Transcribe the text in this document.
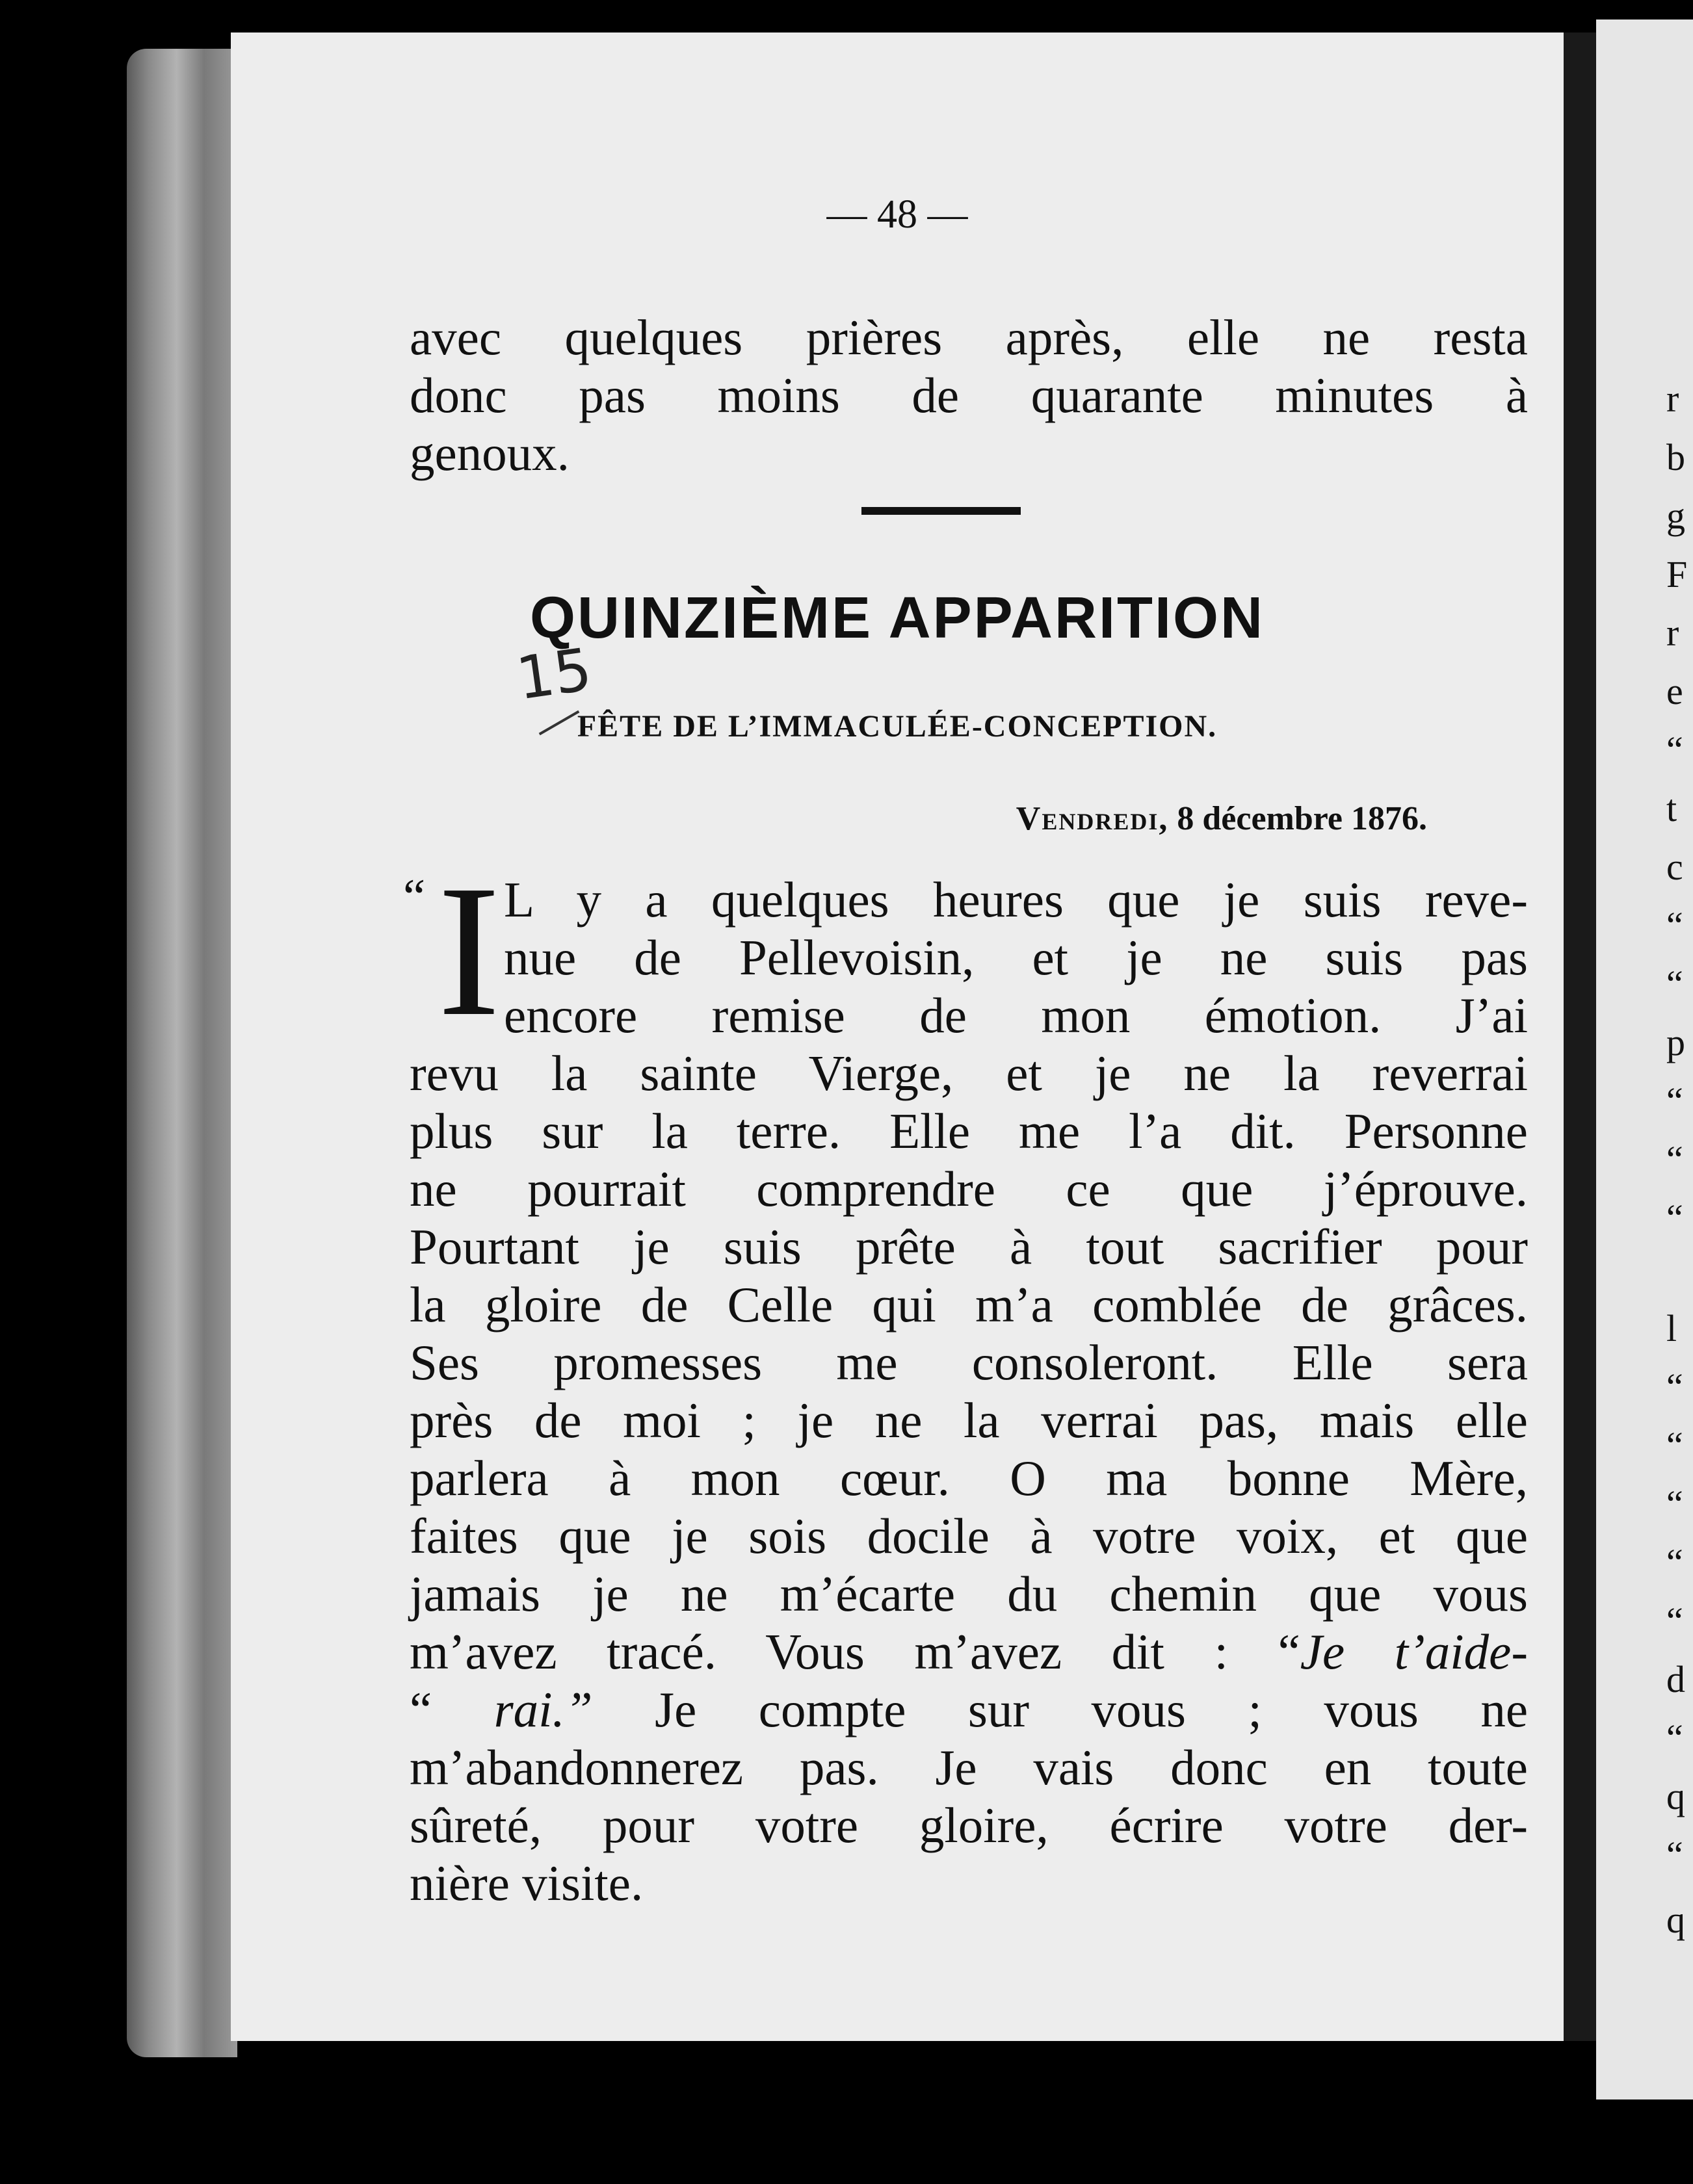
— 48 —
avec quelques prières après, elle ne resta
donc pas moins de quarante minutes à
genoux.
15
QUINZIÈME APPARITION
FÊTE DE L’IMMACULÉE-CONCEPTION.
Vendredi, 8 décembre 1876.
“ I L y a quelques heures que je suis reve-
nue de Pellevoisin, et je ne suis pas
encore remise de mon émotion. J’ai
revu la sainte Vierge, et je ne la reverrai
plus sur la terre. Elle me l’a dit. Personne
ne pourrait comprendre ce que j’éprouve.
Pourtant je suis prête à tout sacrifier pour
la gloire de Celle qui m’a comblée de grâces.
Ses promesses me consoleront. Elle sera
près de moi ; je ne la verrai pas, mais elle
parlera à mon cœur. O ma bonne Mère,
faites que je sois docile à votre voix, et que
jamais je ne m’écarte du chemin que vous
m’avez tracé. Vous m’avez dit : “Je t’aide-
“ rai.” Je compte sur vous ; vous ne
m’abandonnerez pas. Je vais donc en toute
sûreté, pour votre gloire, écrire votre der-
nière visite.
r
b
g
F
r
e
“
t
c
“
“
p
“
“
“
l
“
“
“
“
“
d
“
q
“
q
